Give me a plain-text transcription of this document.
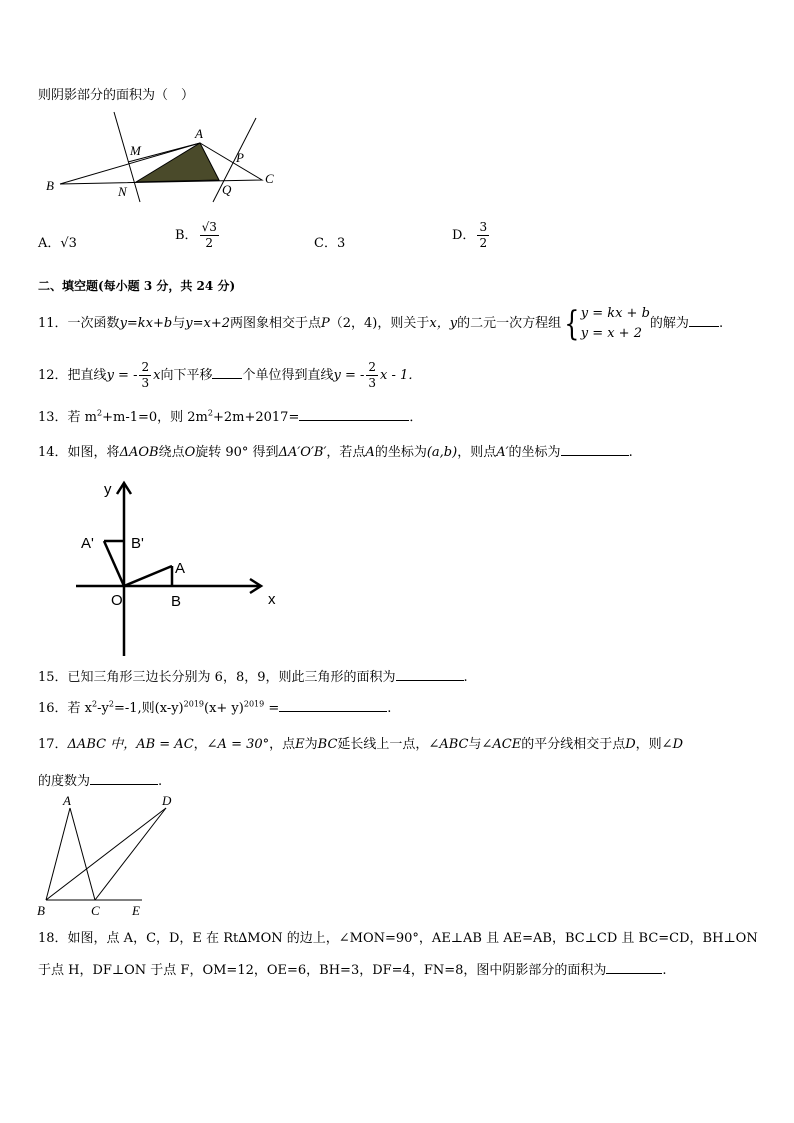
则阴影部分的面积为（　）
A
B	C
M
N
P
Q
A．√3
B． $\frac{√3}{2}$	C．3
D． $\frac{3}{2}$
二、填空题(每小题 3 分，共 24 分)
11．一次函数y=kx+b与y=x+2两图象相交于点P（2，4)，则关于x，y的二元一次方程组{ y = kx + b
y = x + 2
的解为 .
12．把直线y = - $\frac{2}{3}$ x向下平移 个单位得到直线y = - $\frac{2}{3}$ x - 1．
13．若 $m^2+m-1=0$，则 $2m^2+2m+2017=$	．
14．如图，将ΔAOB绕点O旋转 90° 得到ΔA′O′B′，若点A的坐标为(a,b)，则点A′的坐标为	.
y
x
O
A
B
A' B'
15．已知三角形三边长分别为 6，8，9，则此三角形的面积为	.
16．若 $x^2-y^2=-1$,则$(x-y)^{2019}(x+ y)^{2019}$ =	.
17．ΔABC 中，AB = AC，∠A = 30°，点E为BC延长线上一点，∠ABC与∠ACE的平分线相交于点D，则∠D
的度数为	.
A
B	C
D
E
18．如图，点 A，C，D，E 在 Rt∆MON 的边上，∠MON=90°，AE⊥AB 且 AE=AB，BC⊥CD 且 BC=CD，BH⊥ON
于点 H，DF⊥ON 于点 F，OM=12，OE=6，BH=3，DF=4，FN=8，图中阴影部分的面积为	.
